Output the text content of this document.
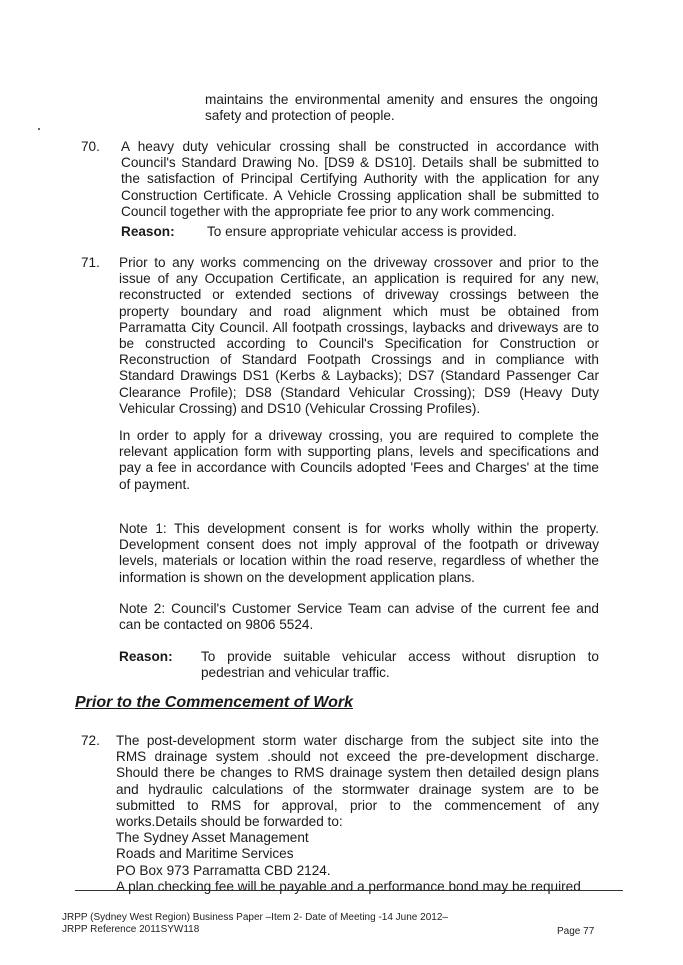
maintains the environmental amenity and ensures the ongoing
safety and protection of people.
70. A heavy duty vehicular crossing shall be constructed in accordance with
Council's Standard Drawing No. [DS9 & DS10]. Details shall be submitted to
the satisfaction of Principal Certifying Authority with the application for any
Construction Certificate. A Vehicle Crossing application shall be submitted to
Council together with the appropriate fee prior to any work commencing.
Reason: To ensure appropriate vehicular access is provided.
71. Prior to any works commencing on the driveway crossover and prior to the
issue of any Occupation Certificate, an application is required for any new,
reconstructed or extended sections of driveway crossings between the
property boundary and road alignment which must be obtained from
Parramatta City Council. All footpath crossings, laybacks and driveways are to
be constructed according to Council's Specification for Construction or
Reconstruction of Standard Footpath Crossings and in compliance with
Standard Drawings DS1 (Kerbs & Laybacks); DS7 (Standard Passenger Car
Clearance Profile); DS8 (Standard Vehicular Crossing); DS9 (Heavy Duty
Vehicular Crossing) and DS10 (Vehicular Crossing Profiles).
In order to apply for a driveway crossing, you are required to complete the
relevant application form with supporting plans, levels and specifications and
pay a fee in accordance with Councils adopted 'Fees and Charges' at the time
of payment.
Note 1: This development consent is for works wholly within the property.
Development consent does not imply approval of the footpath or driveway
levels, materials or location within the road reserve, regardless of whether the
information is shown on the development application plans.
Note 2: Council's Customer Service Team can advise of the current fee and
can be contacted on 9806 5524.
Reason: To provide suitable vehicular access without disruption to
pedestrian and vehicular traffic.
Prior to the Commencement of Work
72. The post-development storm water discharge from the subject site into the
RMS drainage system .should not exceed the pre-development discharge.
Should there be changes to RMS drainage system then detailed design plans
and hydraulic calculations of the stormwater drainage system are to be
submitted to RMS for approval, prior to the commencement of any
works.Details should be forwarded to:
The Sydney Asset Management
Roads and Maritime Services
PO Box 973 Parramatta CBD 2124.
A plan checking fee will be payable and a performance bond may be required
JRPP (Sydney West Region) Business Paper –Item 2- Date of Meeting -14 June 2012–
JRPP Reference 2011SYW118	Page 77
